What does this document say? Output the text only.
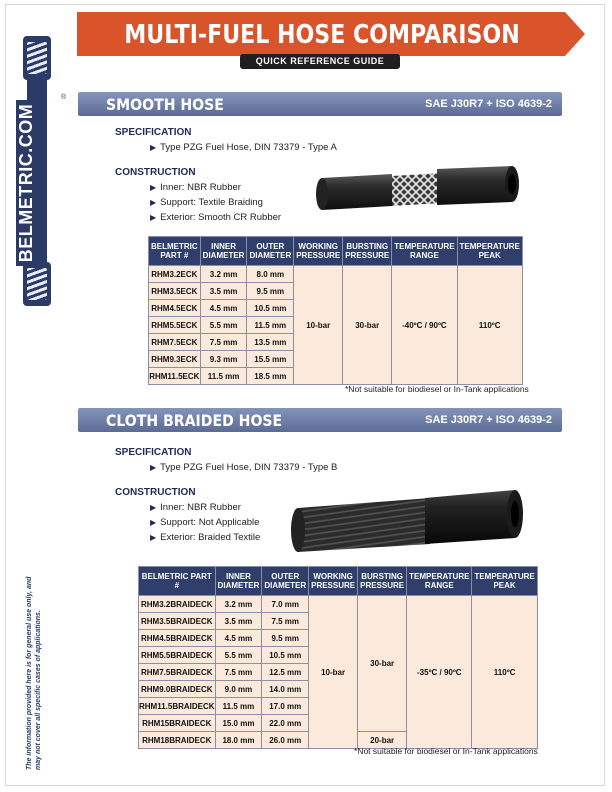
BELMETRIC.COM
®
The information provided here is for general use only, and may not cover all specific cases of applications.
MULTI-FUEL HOSE COMPARISON
QUICK REFERENCE GUIDE
SMOOTH HOSE	SAE J30R7 + ISO 4639-2
SPECIFICATION
▶ Type PZG Fuel Hose, DIN 73379 - Type A
CONSTRUCTION
▶ Inner: NBR Rubber
▶ Support: Textile Braiding
▶ Exterior: Smooth CR Rubber
BELMETRIC PART #	INNER DIAMETER	OUTER DIAMETER	WORKING PRESSURE	BURSTING PRESSURE	TEMPERATURE RANGE	TEMPERATURE PEAK
RHM3.2ECK	3.2 mm	8.0 mm	10-bar	30-bar	-40ºC / 90ºC	110ºC
RHM3.5ECK	3.5 mm	9.5 mm				
RHM4.5ECK	4.5 mm	10.5 mm				
RHM5.5ECK	5.5 mm	11.5 mm				
RHM7.5ECK	7.5 mm	13.5 mm				
RHM9.3ECK	9.3 mm	15.5 mm				
RHM11.5ECK	11.5 mm	18.5 mm				
*Not suitable for biodiesel or In-Tank applications
CLOTH BRAIDED HOSE	SAE J30R7 + ISO 4639-2
SPECIFICATION
▶ Type PZG Fuel Hose, DIN 73379 - Type B
CONSTRUCTION
▶ Inner: NBR Rubber
▶ Support: Not Applicable
▶ Exterior: Braided Textile
BELMETRIC PART #	INNER DIAMETER	OUTER DIAMETER	WORKING PRESSURE	BURSTING PRESSURE	TEMPERATURE RANGE	TEMPERATURE PEAK
RHM3.2BRAIDECK	3.2 mm	7.0 mm	10-bar	30-bar	-35ºC / 90ºC	110ºC
RHM3.5BRAIDECK	3.5 mm	7.5 mm				
RHM4.5BRAIDECK	4.5 mm	9.5 mm				
RHM5.5BRAIDECK	5.5 mm	10.5 mm				
RHM7.5BRAIDECK	7.5 mm	12.5 mm				
RHM9.0BRAIDECK	9.0 mm	14.0 mm				
RHM11.5BRAIDECK	11.5 mm	17.0 mm				
RHM15BRAIDECK	15.0 mm	22.0 mm				
RHM18BRAIDECK	18.0 mm	26.0 mm		20-bar		
*Not suitable for biodiesel or In-Tank applications
